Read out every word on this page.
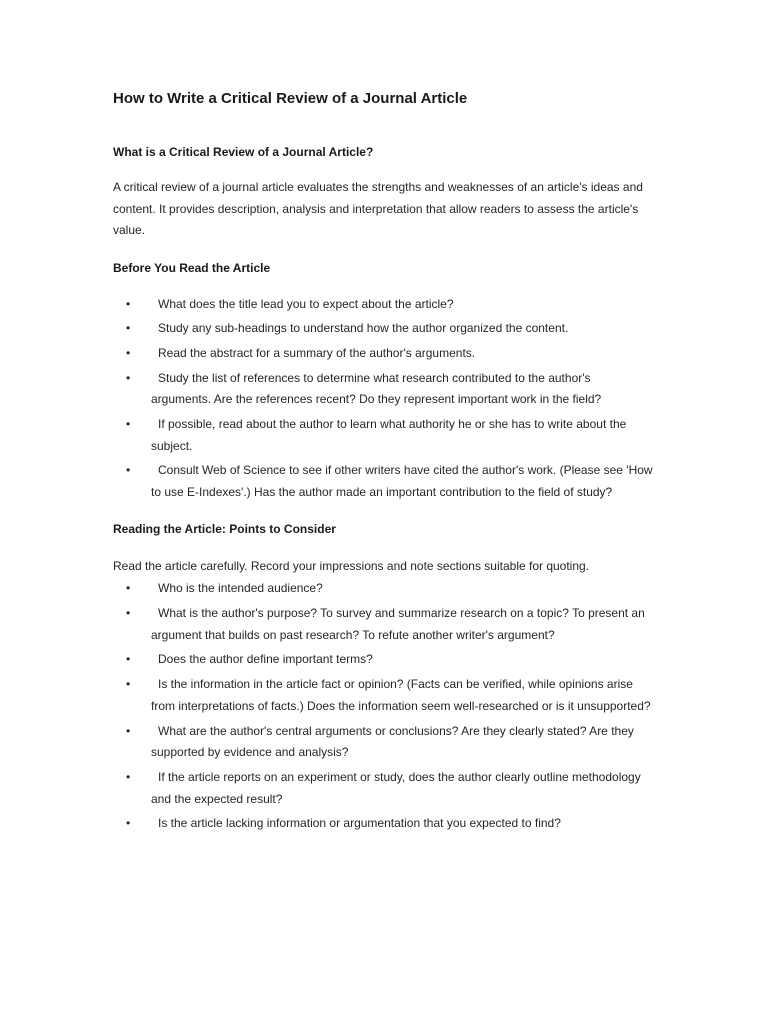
How to Write a Critical Review of a Journal Article
What is a Critical Review of a Journal Article?

A critical review of a journal article evaluates the strengths and weaknesses of an article's ideas and content. It provides description, analysis and interpretation that allow readers to assess the article's value.

Before You Read the Article
•	What does the title lead you to expect about the article?
•	Study any sub-headings to understand how the author organized the content.
•	Read the abstract for a summary of the author's arguments.
•	Study the list of references to determine what research contributed to the author's arguments. Are the references recent? Do they represent important work in the field?
•	If possible, read about the author to learn what authority he or she has to write about the subject.
•	Consult Web of Science to see if other writers have cited the author's work. (Please see 'How to use E-Indexes'.) Has the author made an important contribution to the field of study?
Reading the Article: Points to Consider

Read the article carefully. Record your impressions and note sections suitable for quoting.

•	Who is the intended audience?
•	What is the author's purpose? To survey and summarize research on a topic? To present an argument that builds on past research? To refute another writer's argument?
•	Does the author define important terms?
•	Is the information in the article fact or opinion? (Facts can be verified, while opinions arise from interpretations of facts.) Does the information seem well-researched or is it unsupported?
•	What are the author's central arguments or conclusions? Are they clearly stated? Are they supported by evidence and analysis?
•	If the article reports on an experiment or study, does the author clearly outline methodology and the expected result?
•	Is the article lacking information or argumentation that you expected to find?
